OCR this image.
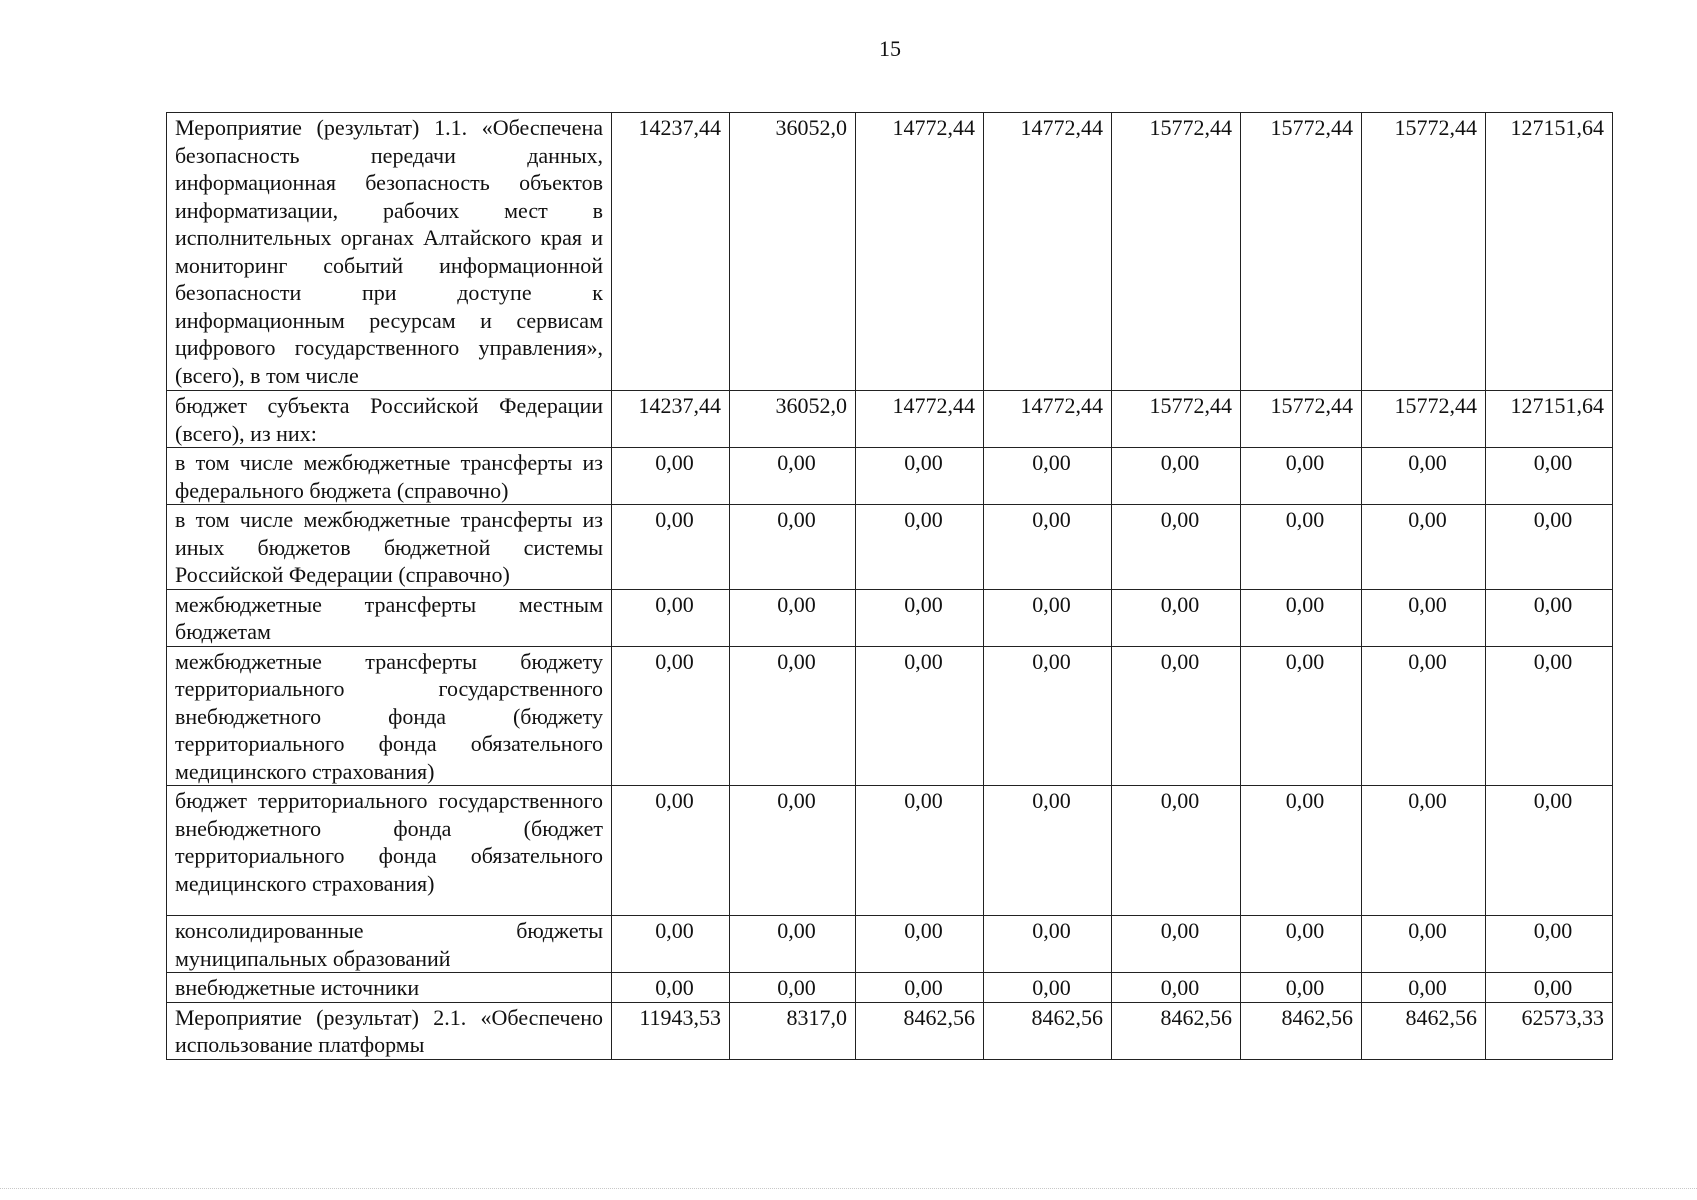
15
Мероприятие (результат) 1.1. «Обеспечена безопасность передачи данных, информационная безопасность объектов информатизации, рабочих мест в исполнительных органах Алтайского края и мониторинг событий информационной безопасности при доступе к информационным ресурсам и сервисам цифрового государственного управления», (всего), в том числе	14237,44	36052,0	14772,44	14772,44	15772,44	15772,44	15772,44	127151,64
бюджет субъекта Российской Федерации (всего), из них:	14237,44	36052,0	14772,44	14772,44	15772,44	15772,44	15772,44	127151,64
в том числе межбюджетные трансферты из федерального бюджета (справочно)	0,00	0,00	0,00	0,00	0,00	0,00	0,00	0,00
в том числе межбюджетные трансферты из иных бюджетов бюджетной системы Российской Федерации (справочно)	0,00	0,00	0,00	0,00	0,00	0,00	0,00	0,00
межбюджетные трансферты местным бюджетам	0,00	0,00	0,00	0,00	0,00	0,00	0,00	0,00
межбюджетные трансферты бюджету территориального государственного внебюджетного фонда (бюджету территориального фонда обязательного медицинского страхования)	0,00	0,00	0,00	0,00	0,00	0,00	0,00	0,00
бюджет территориального государственного внебюджетного фонда (бюджет территориального фонда обязательного медицинского страхования)	0,00	0,00	0,00	0,00	0,00	0,00	0,00	0,00
консолидированные бюджеты муниципальных образований	0,00	0,00	0,00	0,00	0,00	0,00	0,00	0,00
внебюджетные источники	0,00	0,00	0,00	0,00	0,00	0,00	0,00	0,00
Мероприятие (результат) 2.1. «Обеспечено использование платформы	11943,53	8317,0	8462,56	8462,56	8462,56	8462,56	8462,56	62573,33
